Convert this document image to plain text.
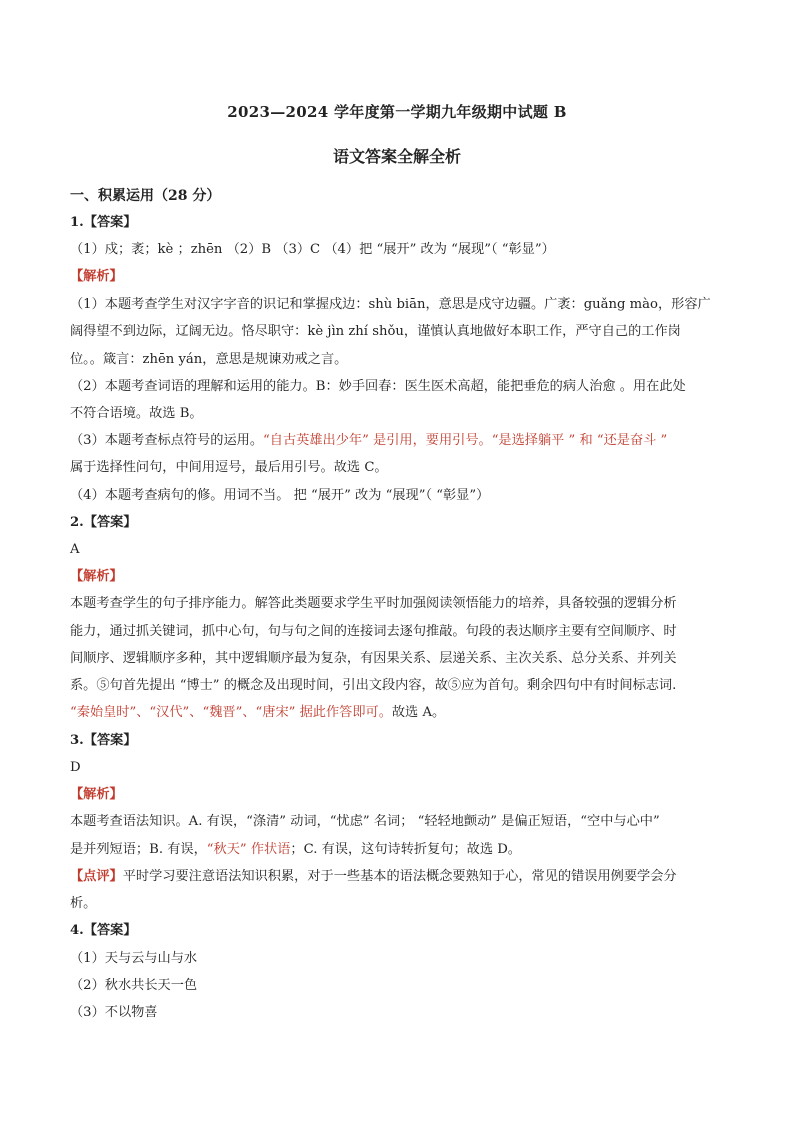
2023—2024 学年度第一学期九年级期中试题 B
语文答案全解全析
一、积累运用（28 分）
1.【答案】
（1）戍；袤；kè ；zhēn （2）B （3）C （4）把 “展开” 改为 “展现”（ “彰显”）
【解析】
（1）本题考查学生对汉字字音的识记和掌握戍边：shù biān，意思是戍守边疆。广袤：guǎng mào，形容广
阔得望不到边际，辽阔无边。恪尽职守：kè jìn zhí shǒu，谨慎认真地做好本职工作，严守自己的工作岗
位。。箴言：zhēn yán，意思是规谏劝戒之言。
（2）本题考查词语的理解和运用的能力。B：妙手回春：医生医术高超，能把垂危的病人治愈 。用在此处
不符合语境。故选 B。
（3）本题考查标点符号的运用。“自古英雄出少年” 是引用，要用引号。“是选择躺平 ” 和 “还是奋斗 ”
属于选择性问句，中间用逗号，最后用引号。故选 C。
（4）本题考查病句的修。用词不当。 把 “展开” 改为 “展现”（ “彰显”）
2.【答案】
A
【解析】
本题考查学生的句子排序能力。解答此类题要求学生平时加强阅读领悟能力的培养，具备较强的逻辑分析
能力，通过抓关键词，抓中心句，句与句之间的连接词去逐句推敲。句段的表达顺序主要有空间顺序、时
间顺序、逻辑顺序多种，其中逻辑顺序最为复杂，有因果关系、层递关系、主次关系、总分关系、并列关
系。⑤句首先提出 “博士” 的概念及出现时间，引出文段内容，故⑤应为首句。剩余四句中有时间标志词.
“秦始皇时”、“汉代”、“魏晋”、“唐宋” 据此作答即可。故选 A。
3.【答案】
D
【解析】
本题考查语法知识。A. 有误，“涤清” 动词，“忧虑” 名词； “轻轻地颤动” 是偏正短语，“空中与心中”
是并列短语；B. 有误，“秋天” 作状语；C. 有误，这句诗转折复句；故选 D。
【点评】平时学习要注意语法知识积累，对于一些基本的语法概念要熟知于心，常见的错误用例要学会分
析。
4.【答案】
（1）天与云与山与水
（2）秋水共长天一色
（3）不以物喜
